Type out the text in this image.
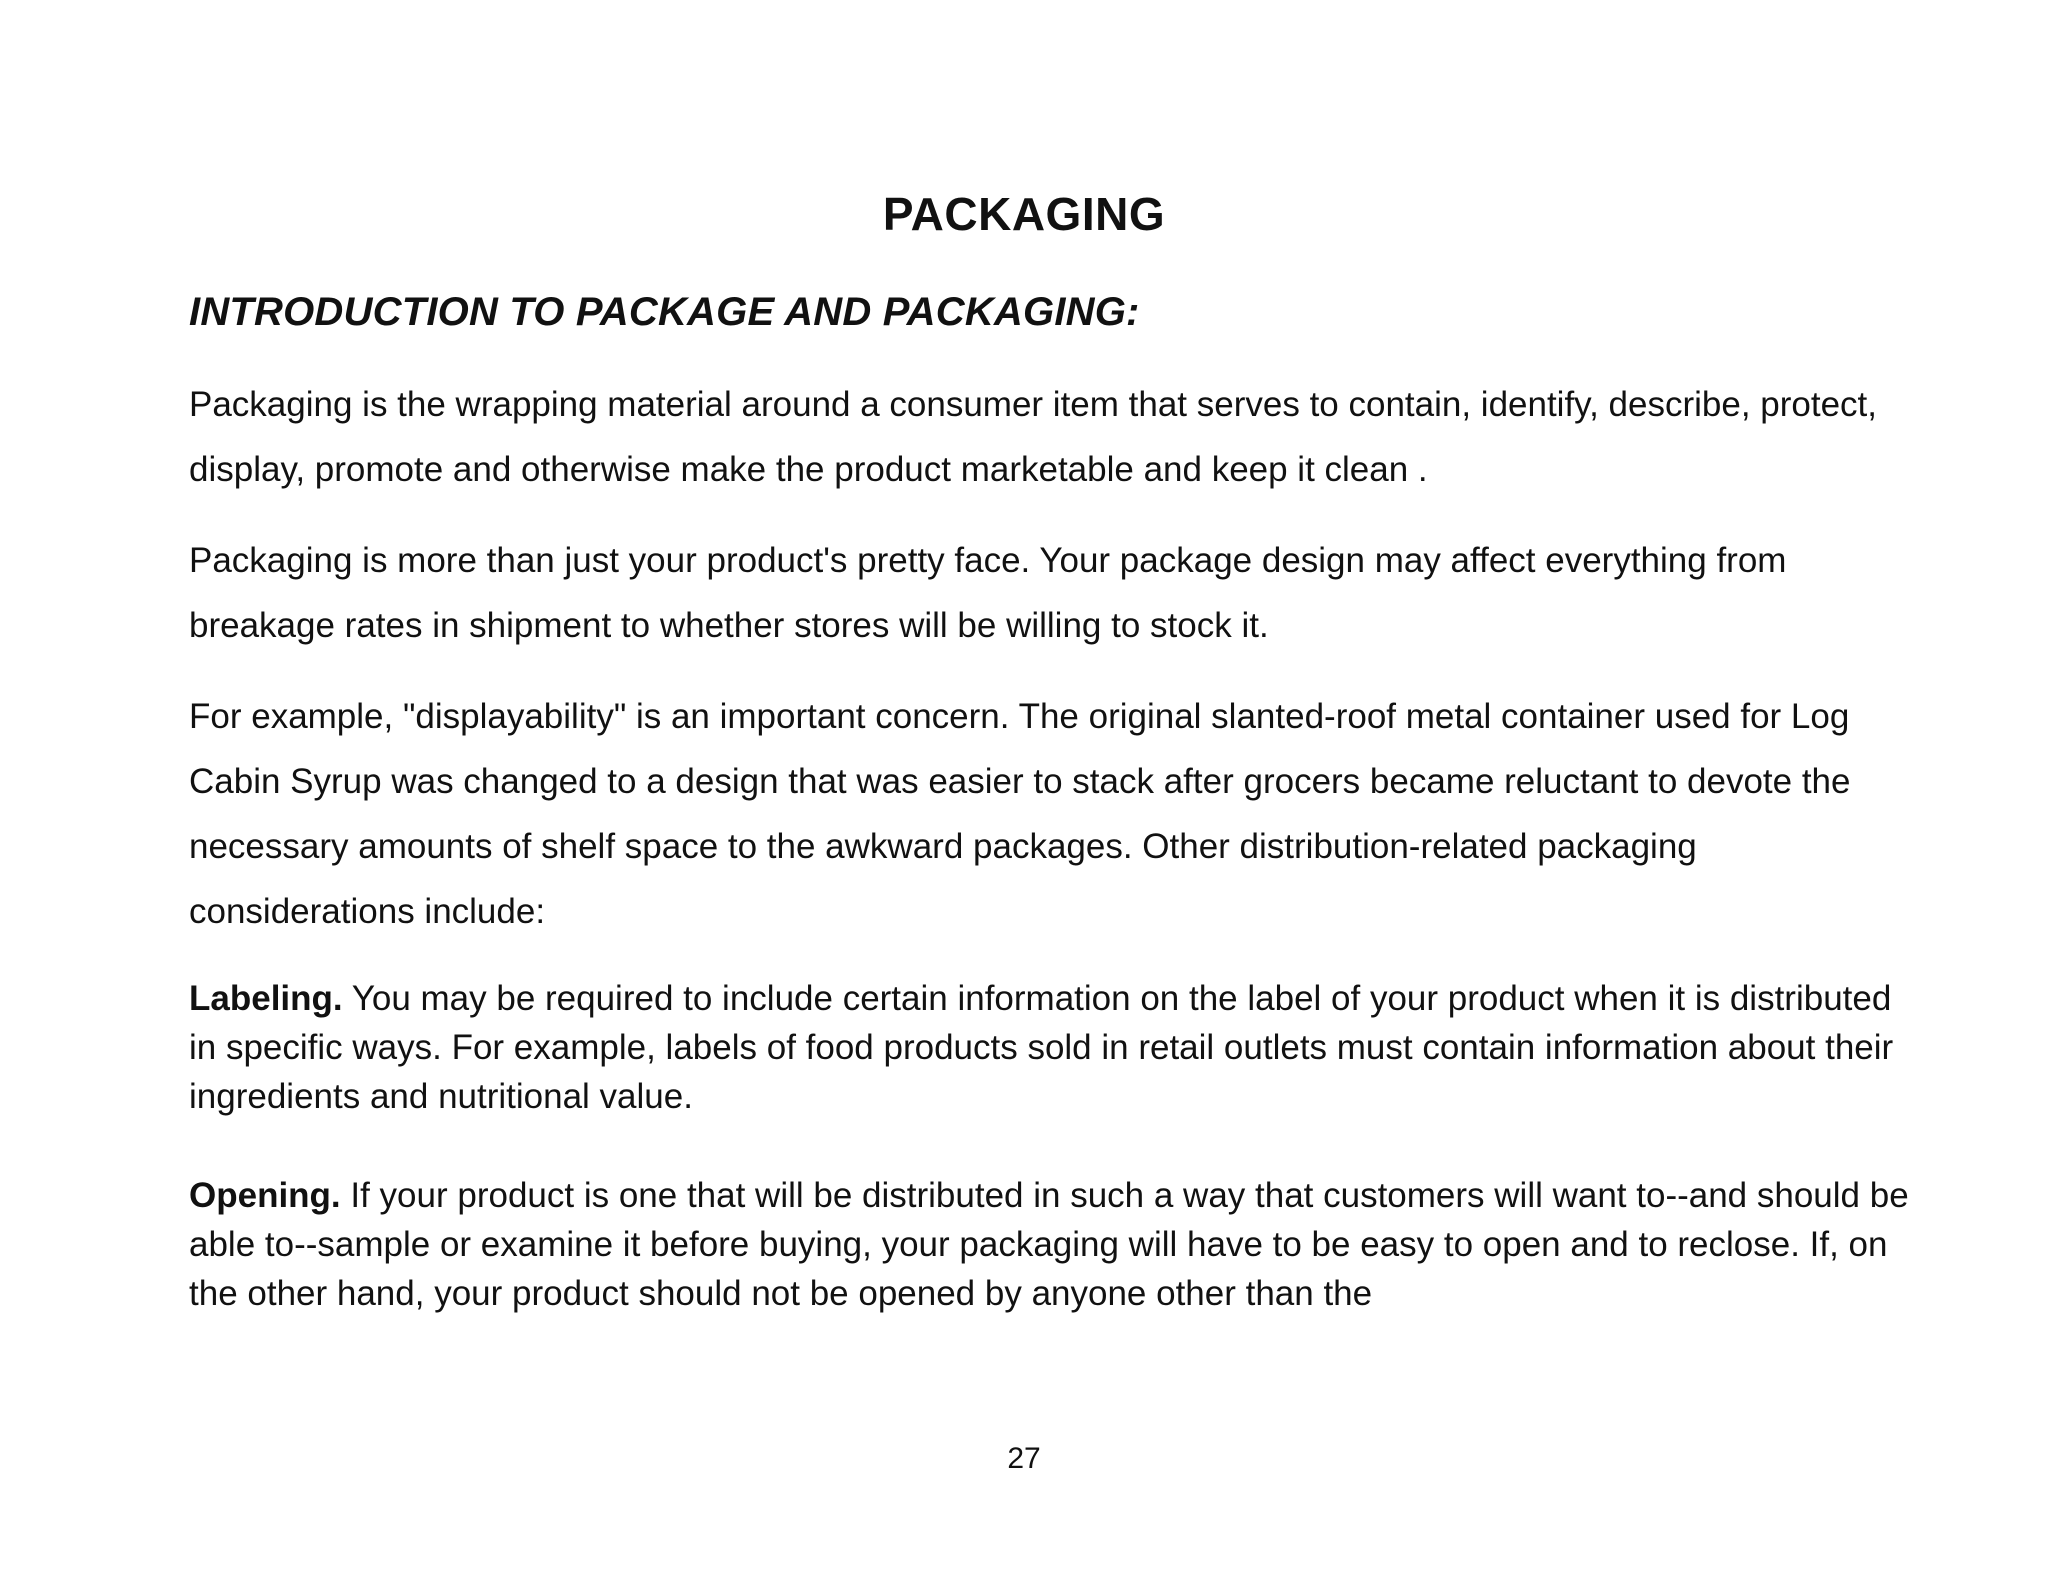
PACKAGING
INTRODUCTION TO PACKAGE AND PACKAGING:

Packaging is the wrapping material around a consumer item that serves to contain, identify, describe, protect, display, promote and otherwise make the product marketable and keep it clean .

Packaging is more than just your product's pretty face. Your package design may affect everything from breakage rates in shipment to whether stores will be willing to stock it.

For example, "displayability" is an important concern. The original slanted-roof metal container used for Log Cabin Syrup was changed to a design that was easier to stack after grocers became reluctant to devote the necessary amounts of shelf space to the awkward packages. Other distribution-related packaging considerations include:

Labeling. You may be required to include certain information on the label of your product when it is distributed in specific ways. For example, labels of food products sold in retail outlets must contain information about their ingredients and nutritional value.

Opening. If your product is one that will be distributed in such a way that customers will want to--and should be able to--sample or examine it before buying, your packaging will have to be easy to open and to reclose. If, on the other hand, your product should not be opened by anyone other than the

27
